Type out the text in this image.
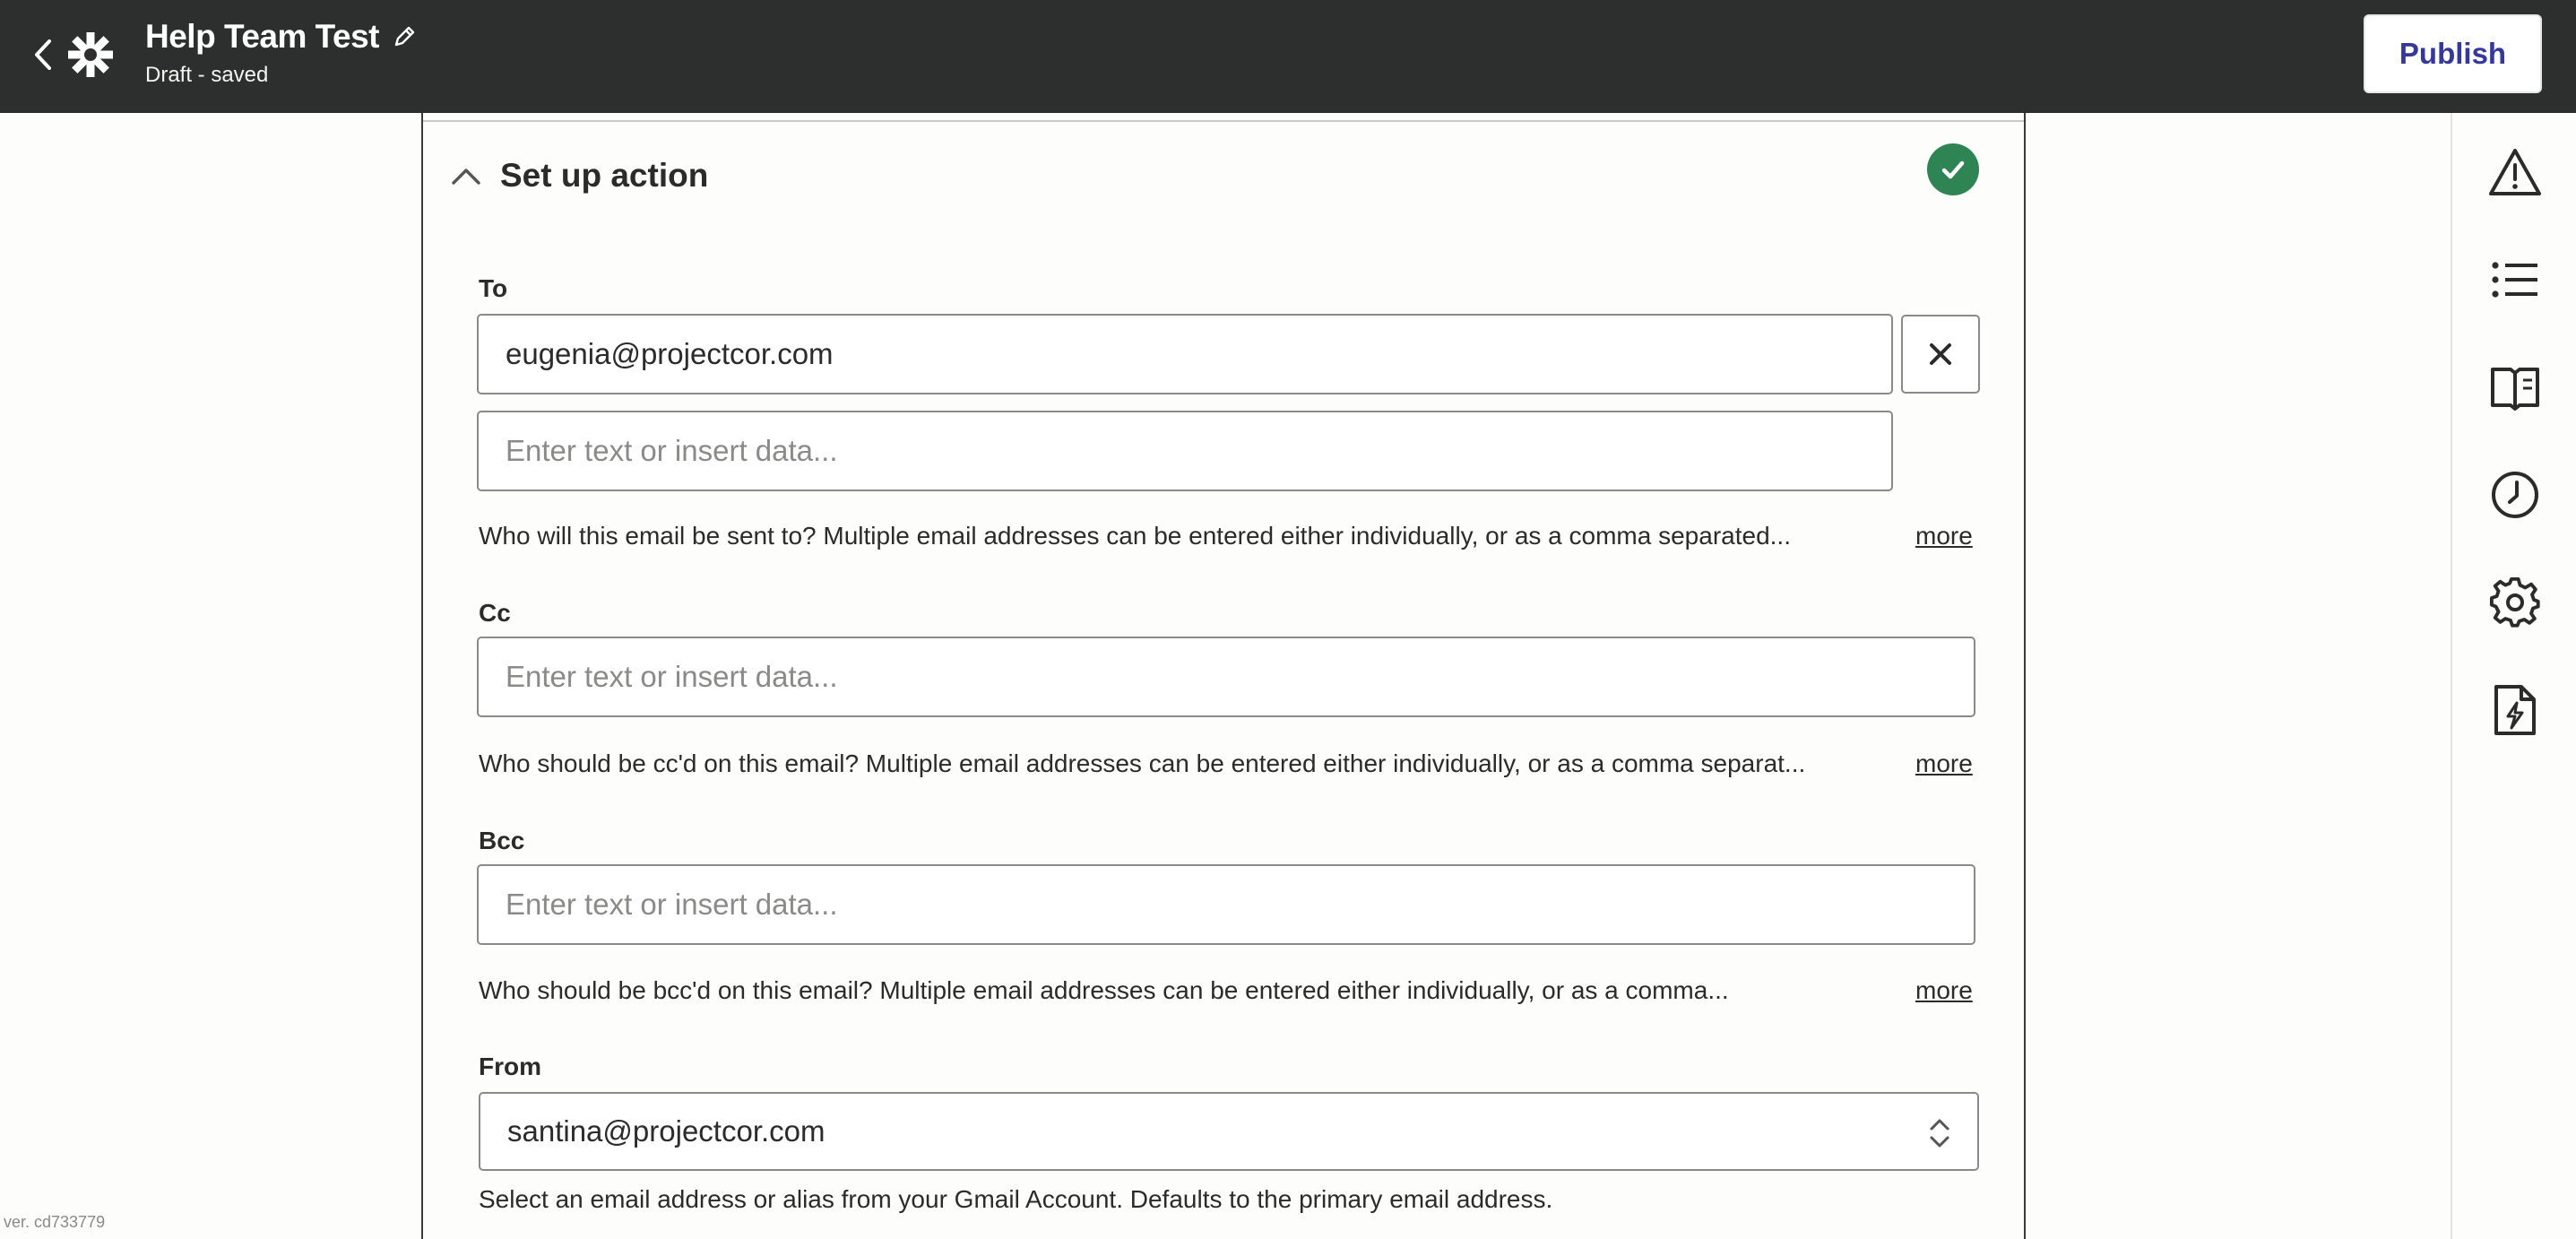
Help Team Test
Draft - saved
Publish
Set up action
To
eugenia@projectcor.com
Enter text or insert data...
Who will this email be sent to? Multiple email addresses can be entered either individually, or as a comma separated...	more
Cc
Enter text or insert data...
Who should be cc'd on this email? Multiple email addresses can be entered either individually, or as a comma separat...	more
Bcc
Enter text or insert data...
Who should be bcc'd on this email? Multiple email addresses can be entered either individually, or as a comma...	more
From
santina@projectcor.com
Select an email address or alias from your Gmail Account. Defaults to the primary email address.
ver. cd733779
